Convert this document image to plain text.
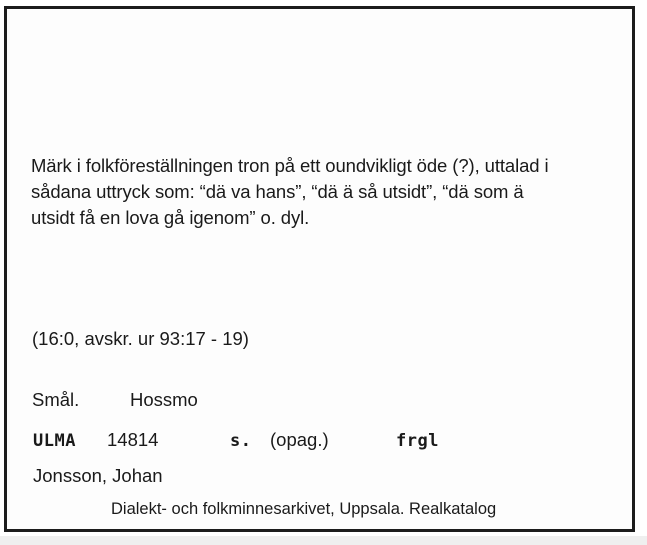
Märk i folkföreställningen tron på ett oundvikligt öde (?), uttalad i
sådana uttryck som: “dä va hans”, “dä ä så utsidt”, “dä som ä
utsidt få en lova gå igenom” o. dyl.
(16:0, avskr. ur 93:17 - 19)
Smål.	Hossmo
ULMA 14814	s. (opag.)	frgl
Jonsson, Johan
Dialekt- och folkminnesarkivet, Uppsala. Realkatalog
